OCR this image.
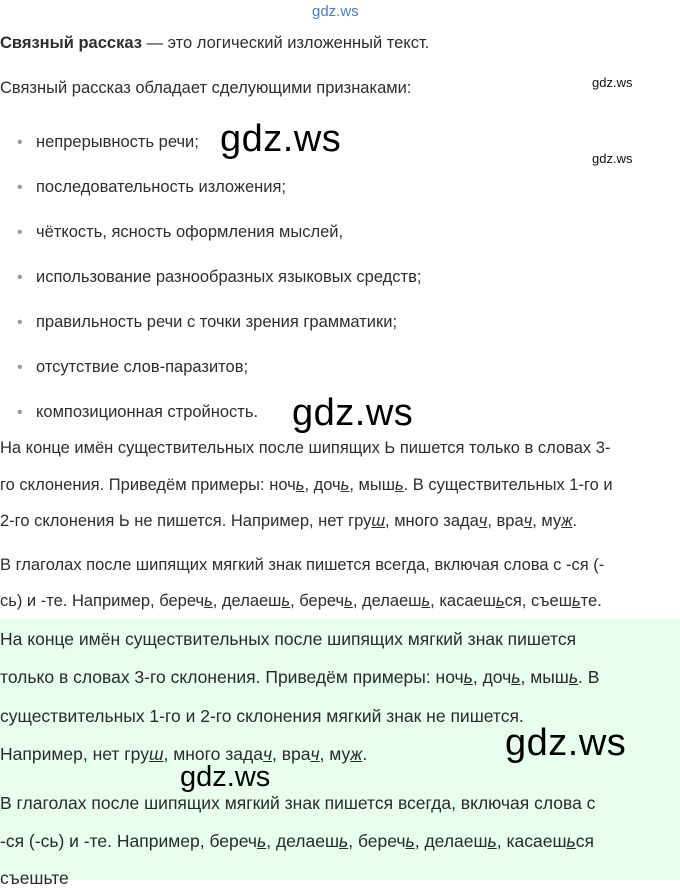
gdz.ws
gdz.ws
gdz.ws
Связный рассказ — это логический изложенный текст.
Связный рассказ обладает сделующими признаками:
• непрерывность речи;
• последовательность изложения;
• чёткость, ясность оформления мыслей,
• использование разнообразных языковых средств;
• правильность речи с точки зрения грамматики;
• отсутствие слов-паразитов;
• композиционная стройность.
gdz.ws
gdz.ws
На конце имён существительных после шипящих Ь пишется только в словах 3-
го склонения. Приведём примеры: ночь, дочь, мышь. В существительных 1-го и
2-го склонения Ь не пишется. Например, нет груш, много задач, врач, муж.
В глаголах после шипящих мягкий знак пишется всегда, включая слова с -ся (-
сь) и -те. Например, беречь, делаешь, беречь, делаешь, касаешься, съешьте.
На конце имён существительных после шипящих мягкий знак пишется
только в словах 3-го склонения. Приведём примеры: ночь, дочь, мышь. В
существительных 1-го и 2-го склонения мягкий знак не пишется.
Например, нет груш, много задач, врач, муж.
В глаголах после шипящих мягкий знак пишется всегда, включая слова с
-ся (-сь) и -те. Например, беречь, делаешь, беречь, делаешь, касаешься
съешьте
gdz.ws
gdz.ws
